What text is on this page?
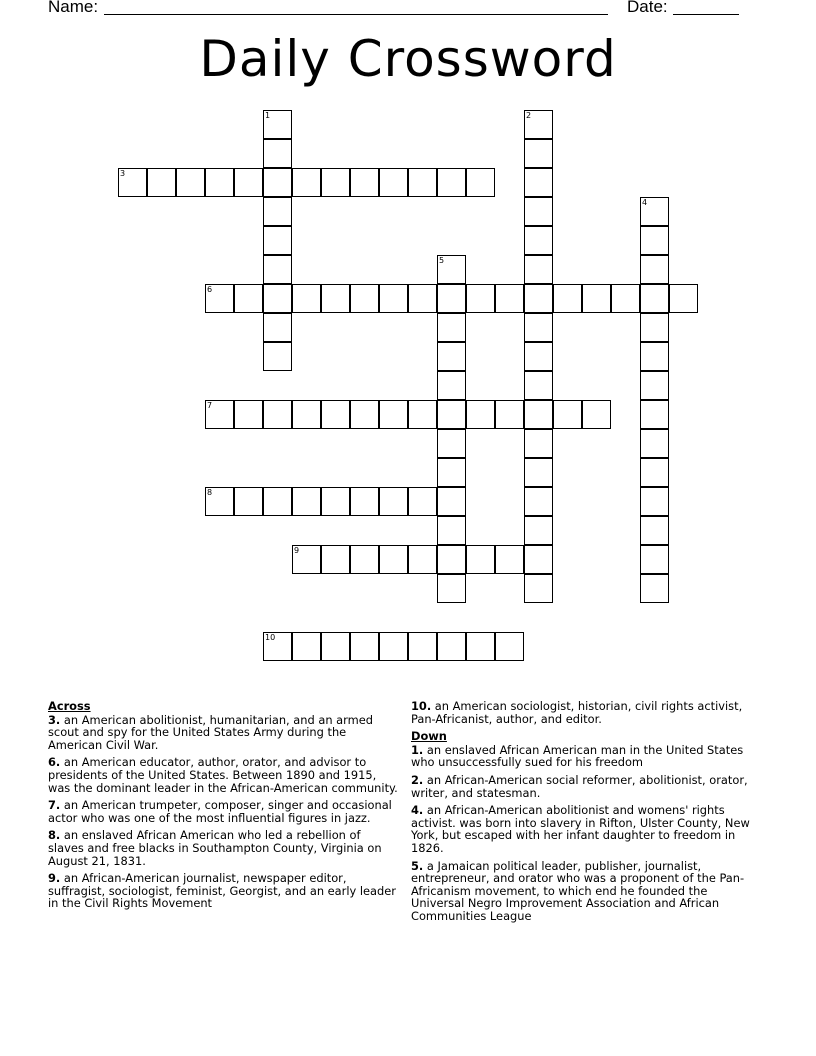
Name:	Date:
Daily Crossword
1	2
3
4
5
6
7
8
9
10
Across
3. an American abolitionist, humanitarian, and an armed scout and spy for the United States Army during the American Civil War.
6. an American educator, author, orator, and advisor to presidents of the United States. Between 1890 and 1915, was the dominant leader in the African-American community.
7. an American trumpeter, composer, singer and occasional actor who was one of the most influential figures in jazz.
8. an enslaved African American who led a rebellion of slaves and free blacks in Southampton County, Virginia on August 21, 1831.
9. an African-American journalist, newspaper editor, suffragist, sociologist, feminist, Georgist, and an early leader in the Civil Rights Movement
10. an American sociologist, historian, civil rights activist, Pan-Africanist, author, and editor.
Down
1. an enslaved African American man in the United States who unsuccessfully sued for his freedom
2. an African-American social reformer, abolitionist, orator, writer, and statesman.
4. an African-American abolitionist and womens' rights activist. was born into slavery in Rifton, Ulster County, New York, but escaped with her infant daughter to freedom in 1826.
5. a Jamaican political leader, publisher, journalist, entrepreneur, and orator who was a proponent of the Pan-Africanism movement, to which end he founded the Universal Negro Improvement Association and African Communities League
